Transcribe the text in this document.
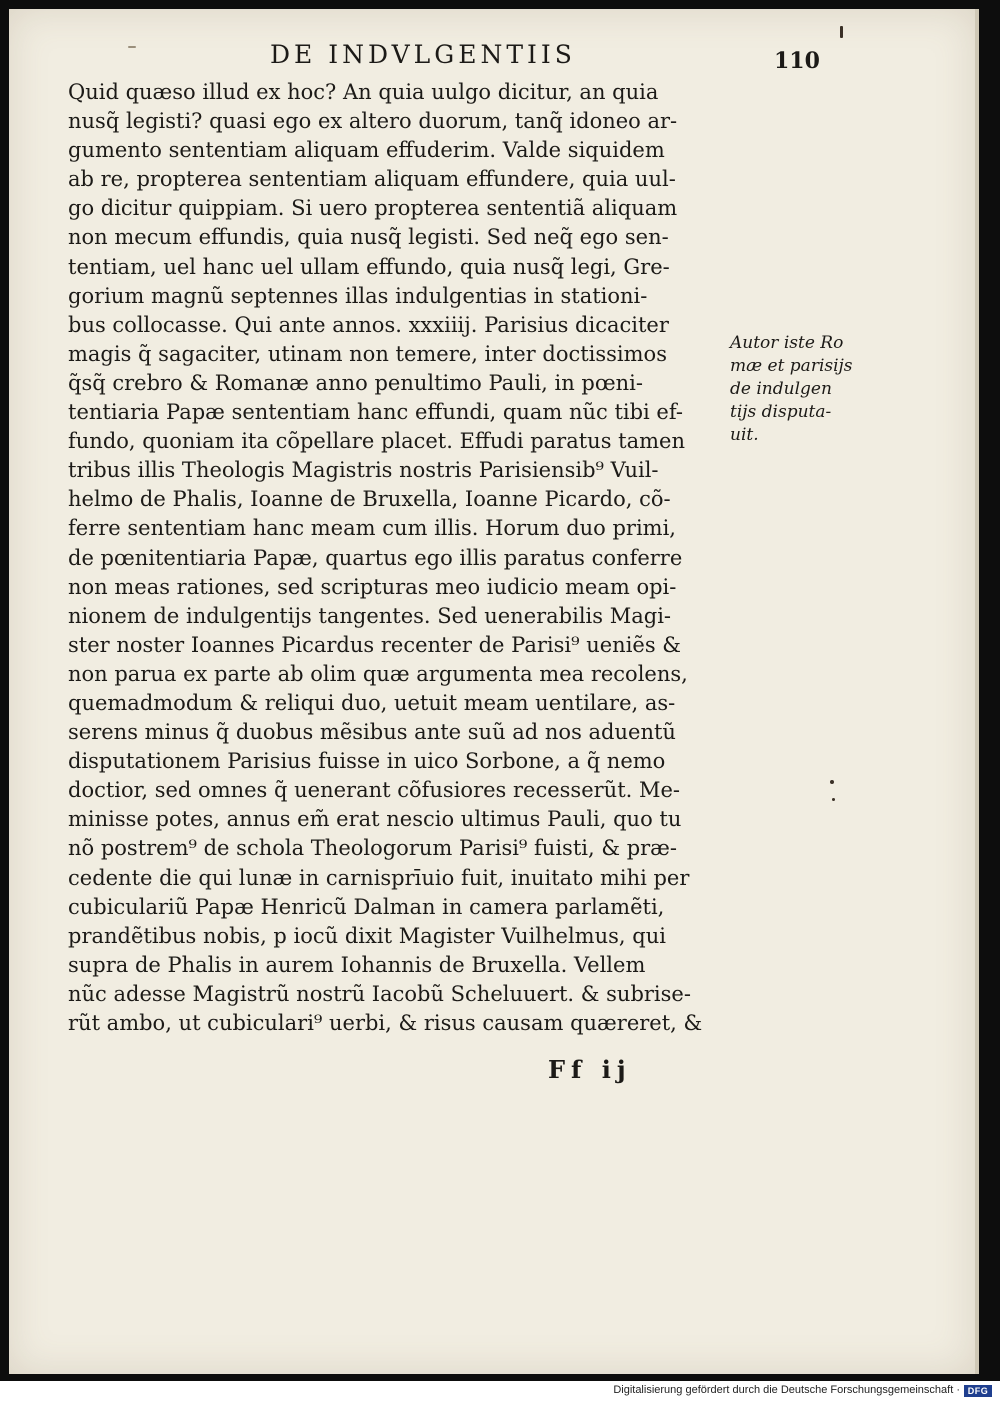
DE INDVLGENTIIS	110
Quid quæso illud ex hoc? An quia uulgo dicitur, an quia
nusq̃ legisti? quasi ego ex altero duorum, tanq̃ idoneo ar-
gumento sententiam aliquam effuderim. Valde siquidem
ab re, propterea sententiam aliquam effundere, quia uul-
go dicitur quippiam. Si uero propterea sententiã aliquam
non mecum effundis, quia nusq̃ legisti. Sed neq̃ ego sen-
tentiam, uel hanc uel ullam effundo, quia nusq̃ legi, Gre-
gorium magnũ septennes illas indulgentias in stationi-
bus collocasse. Qui ante annos. xxxiiij. Parisius dicaciter
magis q̃ sagaciter, utinam non temere, inter doctissimos
q̃sq̃ crebro & Romanæ anno penultimo Pauli, in pœni-
tentiaria Papæ sententiam hanc effundi, quam nũc tibi ef-
fundo, quoniam ita cõpellare placet. Effudi paratus tamen
tribus illis Theologis Magistris nostris Parisiensib⁹ Vuil-
helmo de Phalis, Ioanne de Bruxella, Ioanne Picardo, cõ-
ferre sententiam hanc meam cum illis. Horum duo primi,
de pœnitentiaria Papæ, quartus ego illis paratus conferre
non meas rationes, sed scripturas meo iudicio meam opi-
nionem de indulgentijs tangentes. Sed uenerabilis Magi-
ster noster Ioannes Picardus recenter de Parisi⁹ ueniẽs &
non parua ex parte ab olim quæ argumenta mea recolens,
quemadmodum & reliqui duo, uetuit meam uentilare, as-
serens minus q̃ duobus mẽsibus ante suũ ad nos aduentũ
disputationem Parisius fuisse in uico Sorbone, a q̃ nemo
doctior, sed omnes q̃ uenerant cõfusiores recesserũt. Me-
minisse potes, annus em̃ erat nescio ultimus Pauli, quo tu
nõ postrem⁹ de schola Theologorum Parisi⁹ fuisti, & præ-
cedente die qui lunæ in carnisprīuio fuit, inuitato mihi per
cubiculariũ Papæ Henricũ Dalman in camera parlamẽti,
prandẽtibus nobis, p iocũ dixit Magister Vuilhelmus, qui
supra de Phalis in aurem Iohannis de Bruxella. Vellem
nũc adesse Magistrũ nostrũ Iacobũ Scheluuert. & subrise-
rũt ambo, ut cubiculari⁹ uerbi, & risus causam quæreret, &
Autor iste Ro
mæ et parisijs
de indulgen
tijs disputa-
uit.
Ff ij
Digitalisierung gefördert durch die Deutsche Forschungsgemeinschaft · DFG
